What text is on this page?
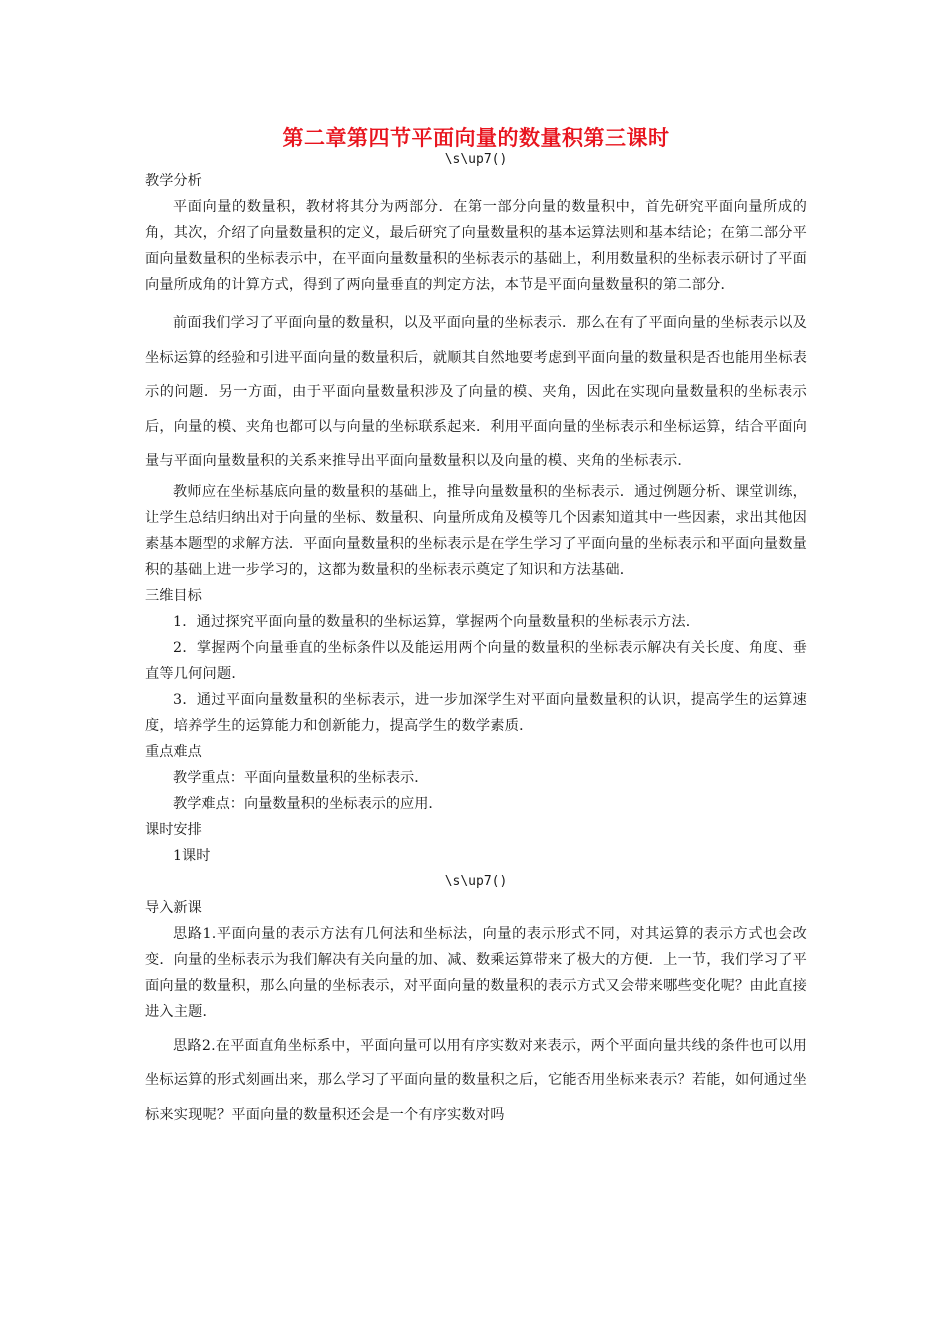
第二章第四节平面向量的数量积第三课时

\s\up7()

教学分析

平面向量的数量积，教材将其分为两部分．在第一部分向量的数量积中，首先研究平面向量所成的角，其次，介绍了向量数量积的定义，最后研究了向量数量积的基本运算法则和基本结论；在第二部分平面向量数量积的坐标表示中，在平面向量数量积的坐标表示的基础上，利用数量积的坐标表示研讨了平面向量所成角的计算方式，得到了两向量垂直的判定方法，本节是平面向量数量积的第二部分．

前面我们学习了平面向量的数量积，以及平面向量的坐标表示．那么在有了平面向量的坐标表示以及坐标运算的经验和引进平面向量的数量积后，就顺其自然地要考虑到平面向量的数量积是否也能用坐标表示的问题．另一方面，由于平面向量数量积涉及了向量的模、夹角，因此在实现向量数量积的坐标表示后，向量的模、夹角也都可以与向量的坐标联系起来．利用平面向量的坐标表示和坐标运算，结合平面向量与平面向量数量积的关系来推导出平面向量数量积以及向量的模、夹角的坐标表示．

教师应在坐标基底向量的数量积的基础上，推导向量数量积的坐标表示．通过例题分析、课堂训练，让学生总结归纳出对于向量的坐标、数量积、向量所成角及模等几个因素知道其中一些因素，求出其他因素基本题型的求解方法．平面向量数量积的坐标表示是在学生学习了平面向量的坐标表示和平面向量数量积的基础上进一步学习的，这都为数量积的坐标表示奠定了知识和方法基础．

三维目标

1．通过探究平面向量的数量积的坐标运算，掌握两个向量数量积的坐标表示方法．

2．掌握两个向量垂直的坐标条件以及能运用两个向量的数量积的坐标表示解决有关长度、角度、垂直等几何问题．

3．通过平面向量数量积的坐标表示，进一步加深学生对平面向量数量积的认识，提高学生的运算速度，培养学生的运算能力和创新能力，提高学生的数学素质．

重点难点

教学重点：平面向量数量积的坐标表示．

教学难点：向量数量积的坐标表示的应用．

课时安排

1课时

\s\up7()

导入新课

思路1.平面向量的表示方法有几何法和坐标法，向量的表示形式不同，对其运算的表示方式也会改变．向量的坐标表示为我们解决有关向量的加、减、数乘运算带来了极大的方便．上一节，我们学习了平面向量的数量积，那么向量的坐标表示，对平面向量的数量积的表示方式又会带来哪些变化呢？由此直接进入主题．

思路2.在平面直角坐标系中，平面向量可以用有序实数对来表示，两个平面向量共线的条件也可以用坐标运算的形式刻画出来，那么学习了平面向量的数量积之后，它能否用坐标来表示？若能，如何通过坐标来实现呢？平面向量的数量积还会是一个有序实数对吗
